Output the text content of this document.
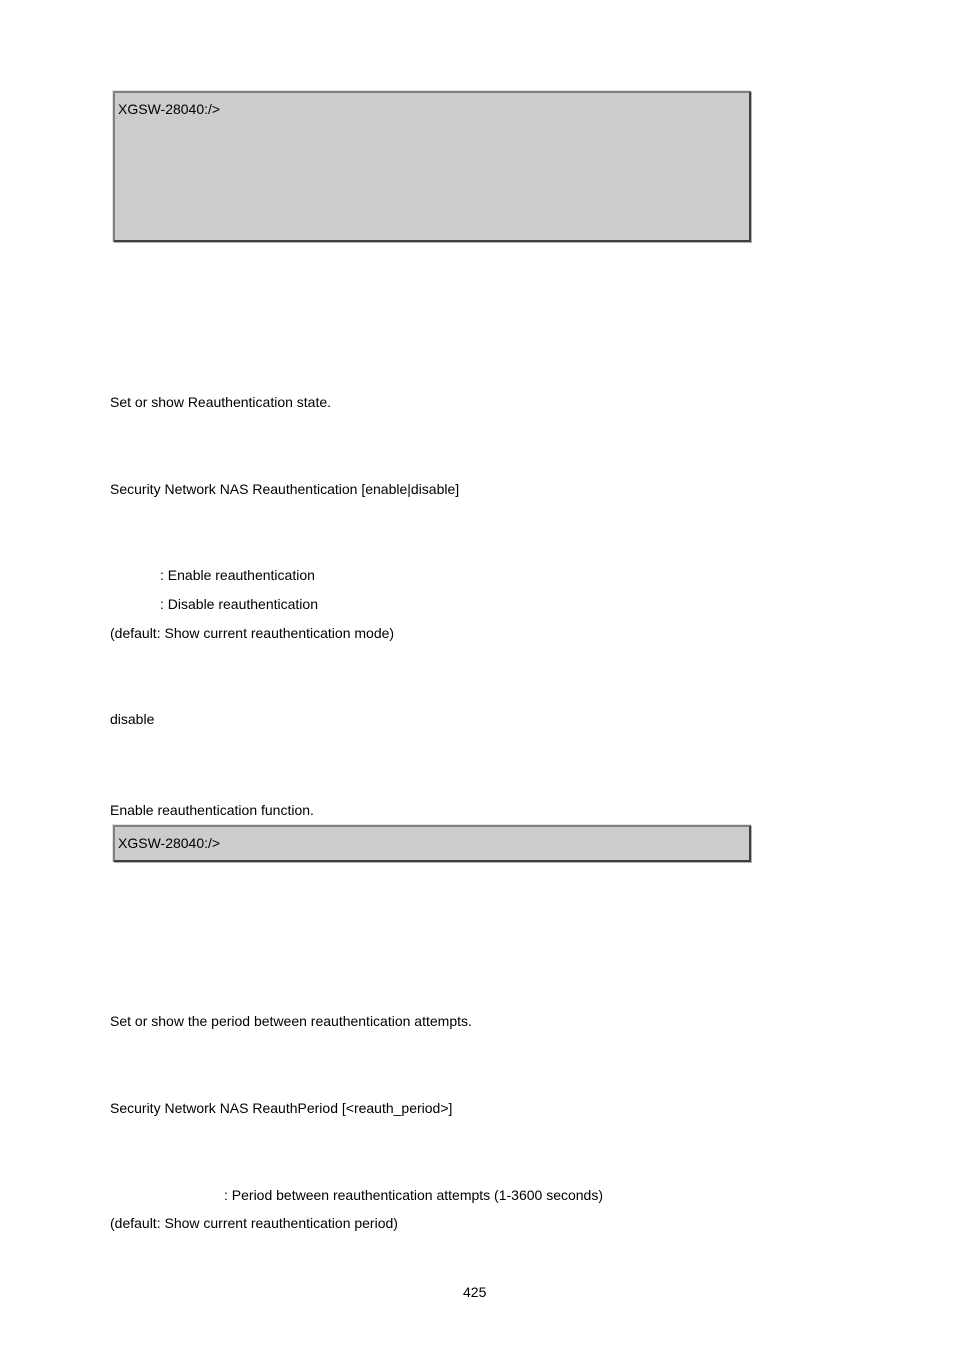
XGSW-28040:/>
Set or show Reauthentication state.
Security Network NAS Reauthentication [enable|disable]
: Enable reauthentication
: Disable reauthentication
(default: Show current reauthentication mode)
disable
Enable reauthentication function.
XGSW-28040:/>
Set or show the period between reauthentication attempts.
Security Network NAS ReauthPeriod [<reauth_period>]
: Period between reauthentication attempts (1-3600 seconds)
(default: Show current reauthentication period)
425
